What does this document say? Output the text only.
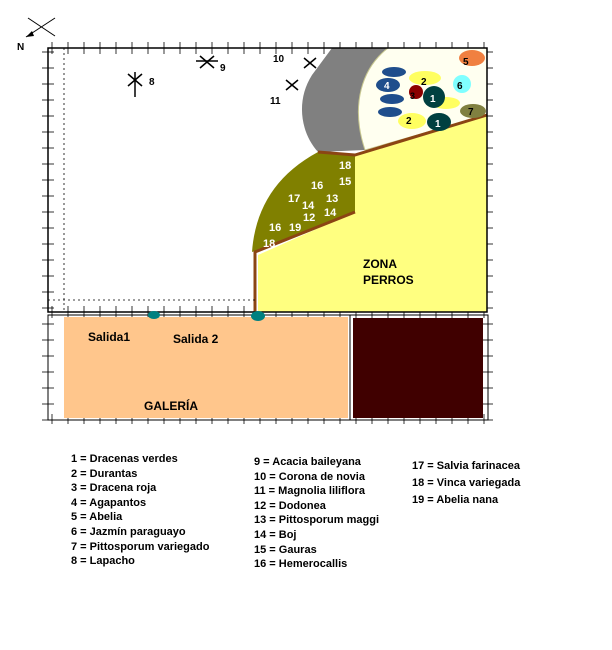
N
8
9
10
11
5
2
4
1
3
6
2 1
7
18
15
16
17
14
13
12 14
16 19
18
ZONA
PERROS
Salida1	Salida 2
GALERÍA
1 = Dracenas verdes
2 = Durantas
3 = Dracena roja
4 = Agapantos
5 = Abelia
6 = Jazmín paraguayo
7 = Pittosporum variegado
8 = Lapacho
9 = Acacia baileyana
10 = Corona de novia
11 = Magnolia liliflora
12 = Dodonea
13 = Pittosporum maggi
14 = Boj
15 = Gauras
16 = Hemerocallis
17 = Salvia farinacea
18 = Vinca variegada
19 = Abelia nana
